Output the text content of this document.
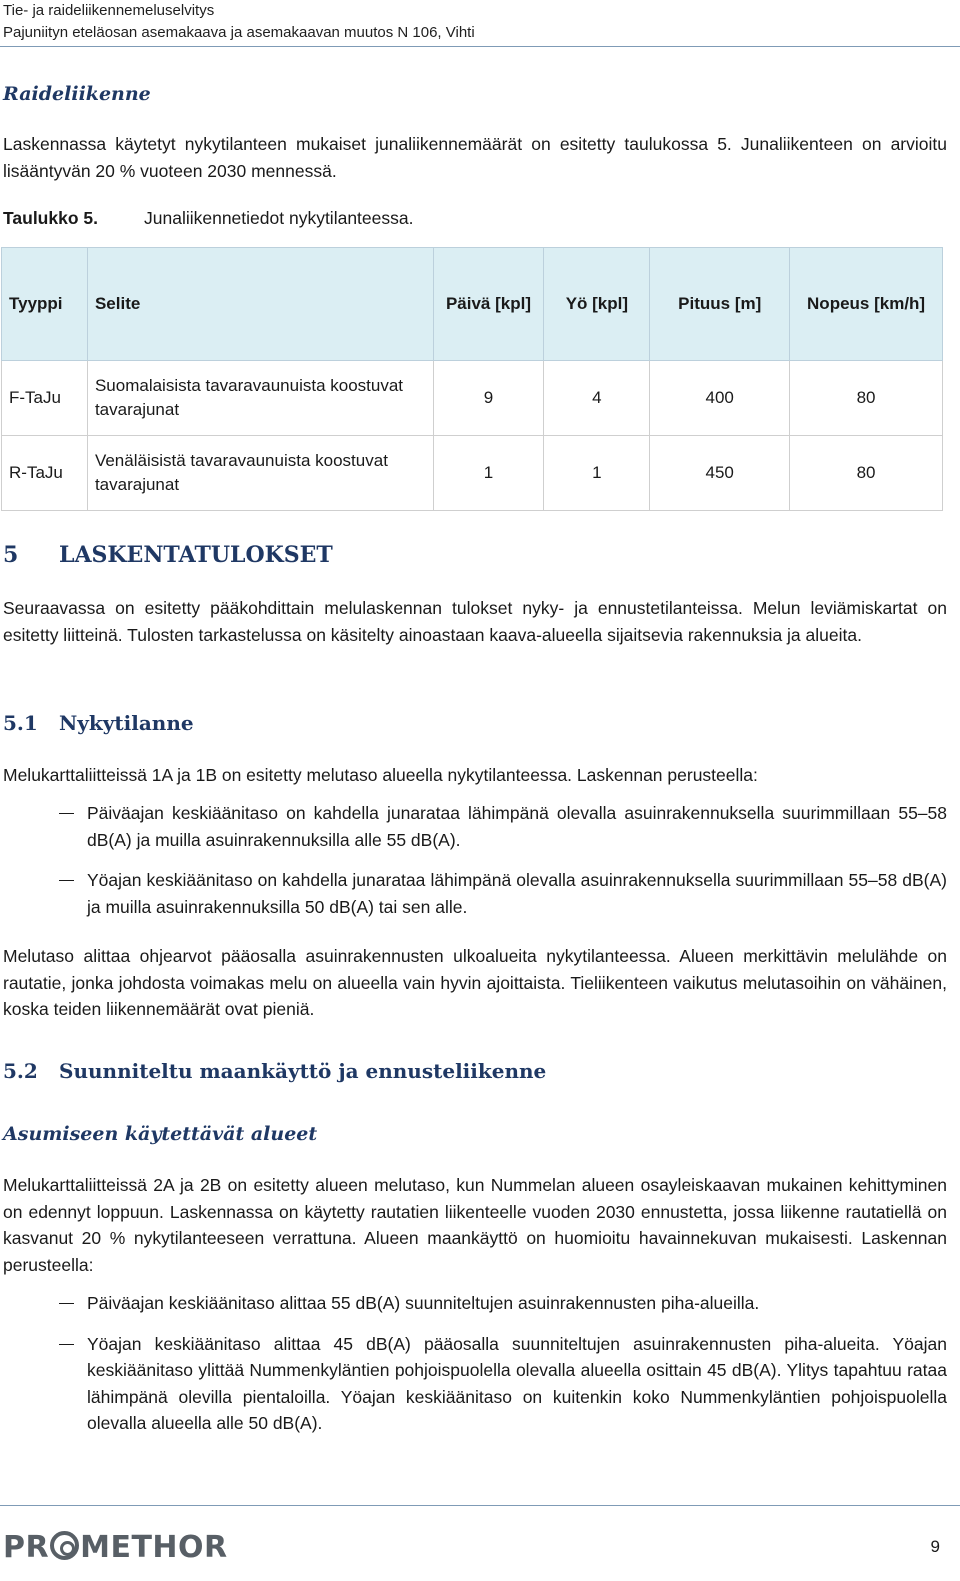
Tie- ja raideliikennemeluselvitys
Pajuniityn eteläosan asemakaava ja asemakaavan muutos N 106, Vihti
Raideliikenne
Laskennassa käytetyt nykytilanteen mukaiset junaliikennemäärät on esitetty taulukossa 5. Junaliikenteen on arvioitu lisääntyvän 20 % vuoteen 2030 mennessä.
Taulukko 5.	Junaliikennetiedot nykytilanteessa.
Tyyppi	Selite	Päivä [kpl]	Yö [kpl]	Pituus [m]	Nopeus [km/h]
F-TaJu	Suomalaisista tavaravaunuista koostuvat tavarajunat	9	4	400	80
R-TaJu	Venäläisistä tavaravaunuista koostuvat tavarajunat	1	1	450	80
5 LASKENTATULOKSET
Seuraavassa on esitetty pääkohdittain melulaskennan tulokset nyky- ja ennustetilanteissa. Melun leviämiskartat on esitetty liitteinä. Tulosten tarkastelussa on käsitelty ainoastaan kaava-alueella sijaitsevia rakennuksia ja alueita.
5.1 Nykytilanne
Melukarttaliitteissä 1A ja 1B on esitetty melutaso alueella nykytilanteessa. Laskennan perusteella:
Päiväajan keskiäänitaso on kahdella junarataa lähimpänä olevalla asuinrakennuksella suurimmillaan 55–58 dB(A) ja muilla asuinrakennuksilla alle 55 dB(A).
Yöajan keskiäänitaso on kahdella junarataa lähimpänä olevalla asuinrakennuksella suurimmillaan 55–58 dB(A) ja muilla asuinrakennuksilla 50 dB(A) tai sen alle.
Melutaso alittaa ohjearvot pääosalla asuinrakennusten ulkoalueita nykytilanteessa. Alueen merkittävin melulähde on rautatie, jonka johdosta voimakas melu on alueella vain hyvin ajoittaista. Tieliikenteen vaikutus melutasoihin on vähäinen, koska teiden liikennemäärät ovat pieniä.
5.2 Suunniteltu maankäyttö ja ennusteliikenne
Asumiseen käytettävät alueet
Melukarttaliitteissä 2A ja 2B on esitetty alueen melutaso, kun Nummelan alueen osayleiskaavan mukainen kehittyminen on edennyt loppuun. Laskennassa on käytetty rautatien liikenteelle vuoden 2030 ennustetta, jossa liikenne rautatiellä on kasvanut 20 % nykytilanteeseen verrattuna. Alueen maankäyttö on huomioitu havainnekuvan mukaisesti. Laskennan perusteella:
Päiväajan keskiäänitaso alittaa 55 dB(A) suunniteltujen asuinrakennusten piha-alueilla.
Yöajan keskiäänitaso alittaa 45 dB(A) pääosalla suunniteltujen asuinrakennusten piha-alueita. Yöajan keskiäänitaso ylittää Nummenkyläntien pohjoispuolella olevalla alueella osittain 45 dB(A). Ylitys tapahtuu rataa lähimpänä olevilla pientaloilla. Yöajan keskiäänitaso on kuitenkin koko Nummenkyläntien pohjoispuolella olevalla alueella alle 50 dB(A).
PR METHOR	9
